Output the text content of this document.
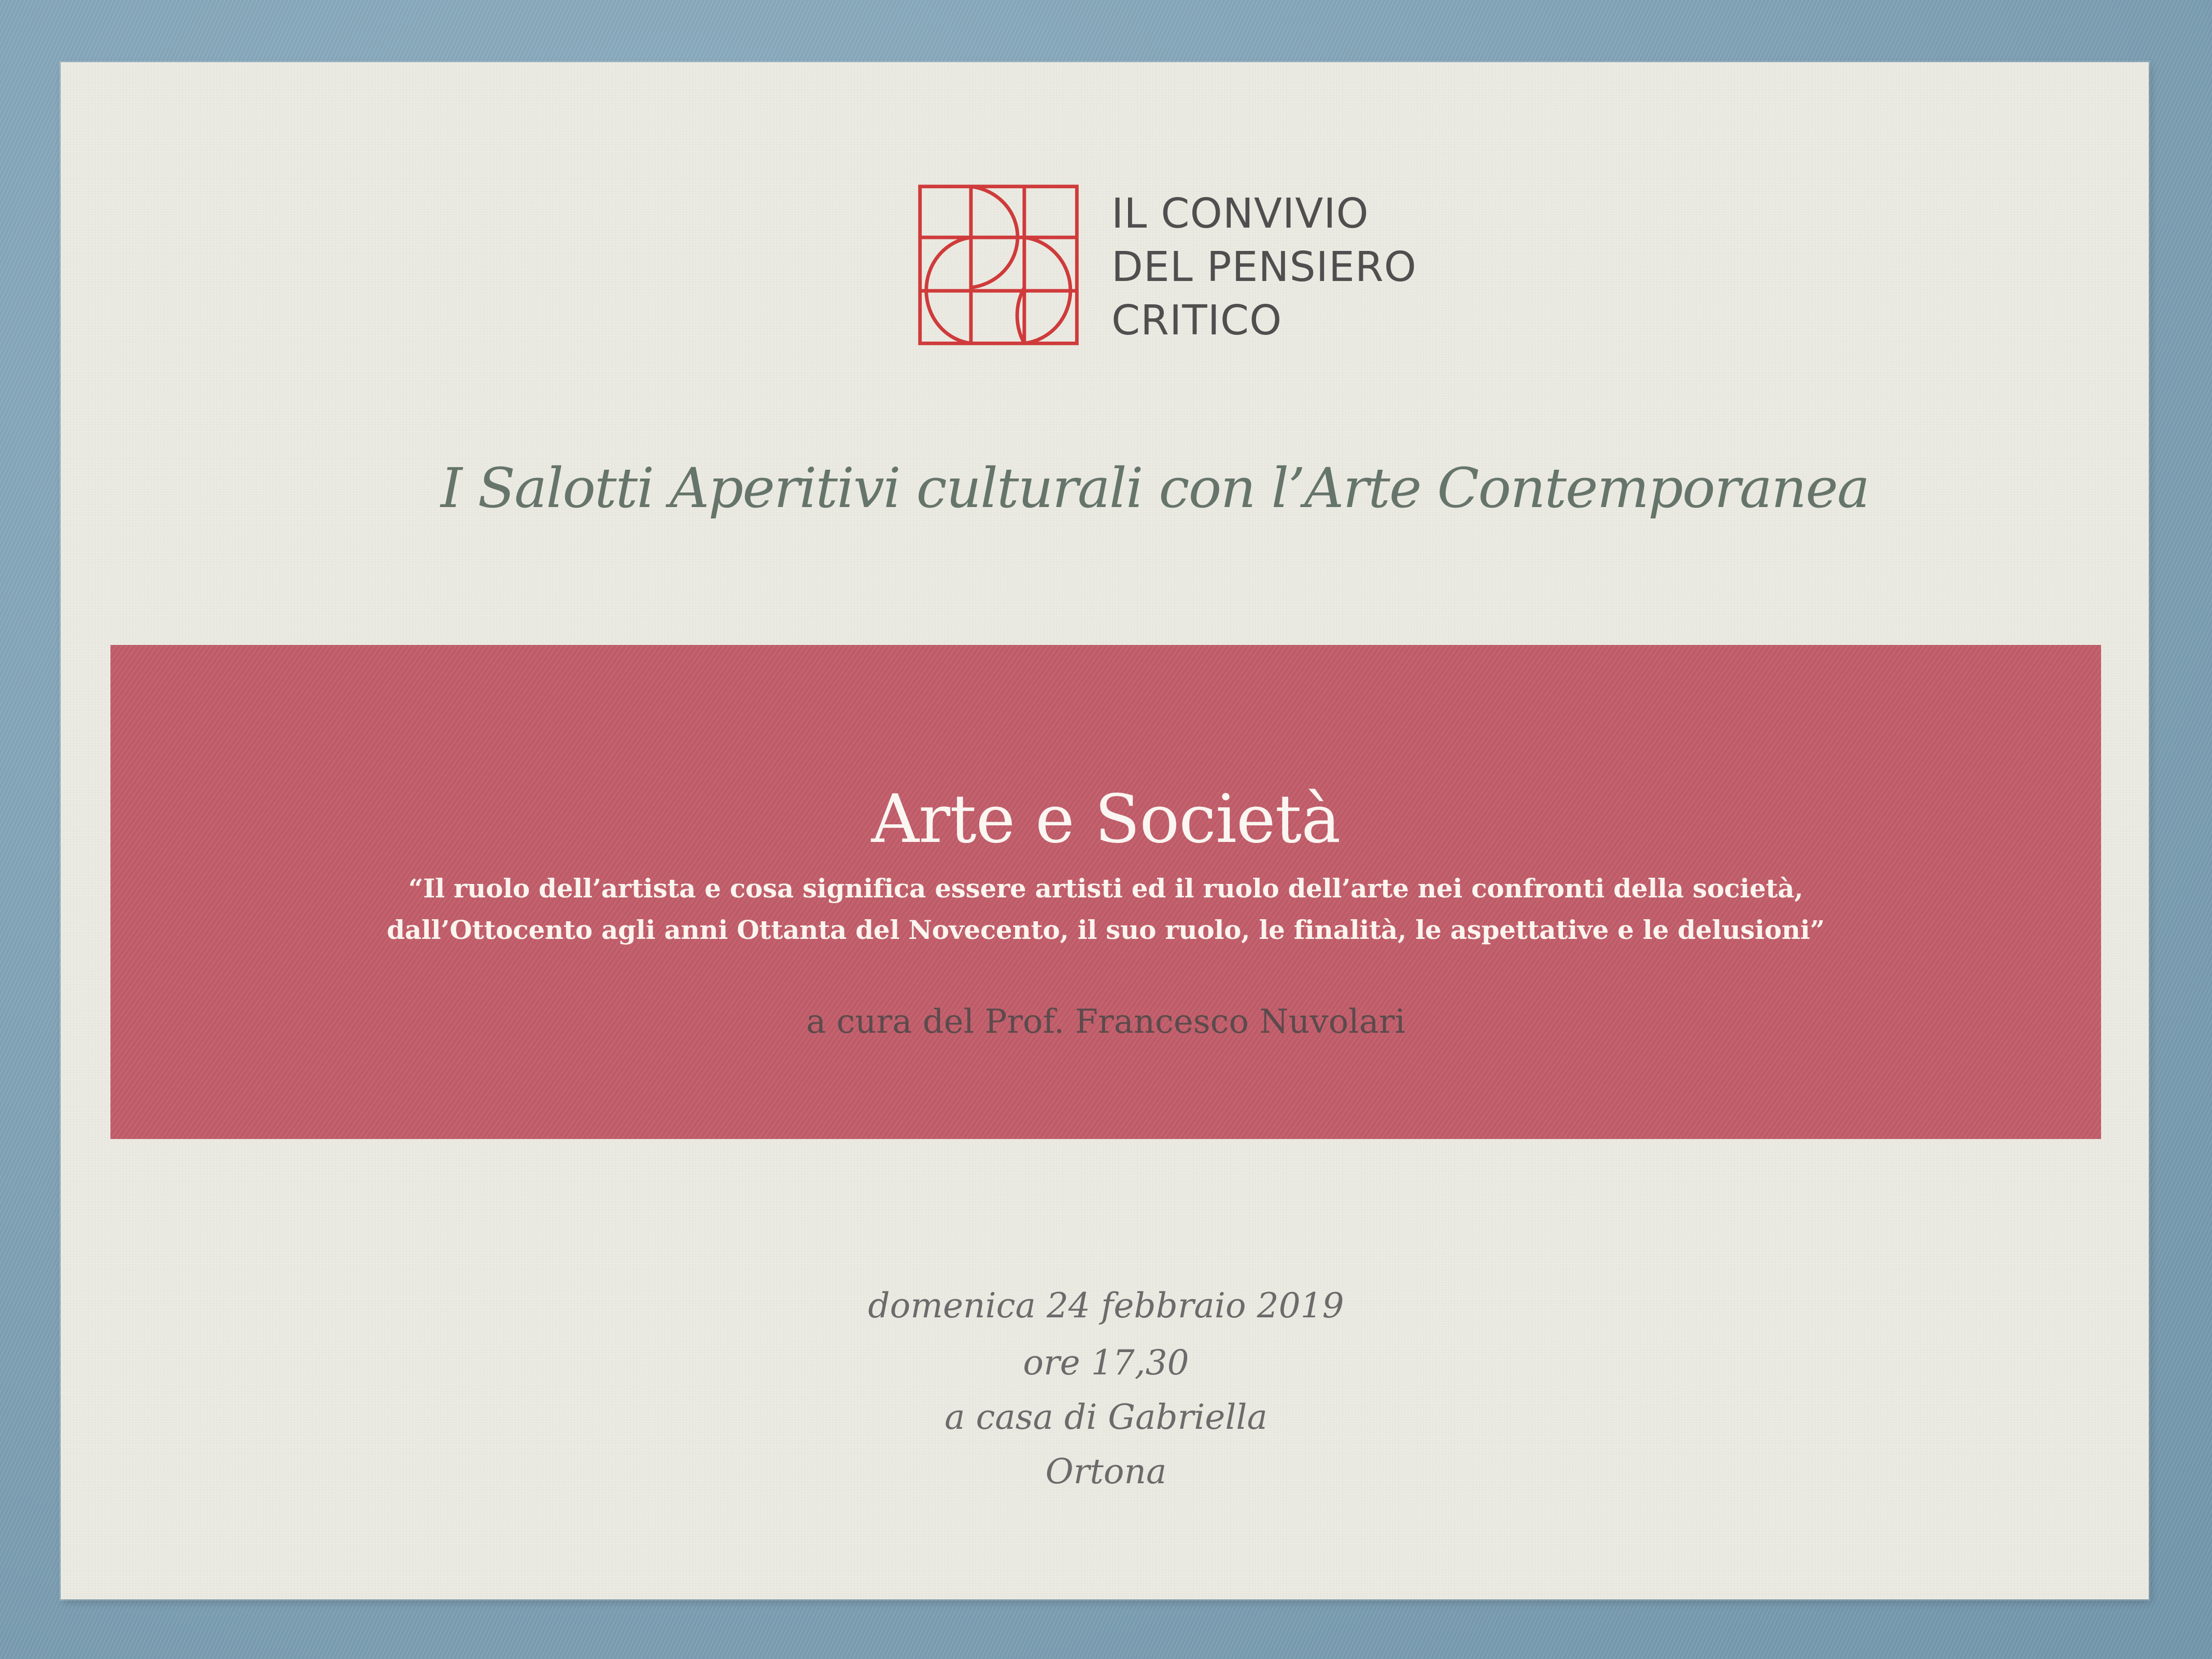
IL CONVIVIO
DEL PENSIERO
CRITICO
I Salotti Aperitivi culturali con l’Arte Contemporanea
Arte e Società
“Il ruolo dell’artista e cosa significa essere artisti ed il ruolo dell’arte nei confronti della società,
dall’Ottocento agli anni Ottanta del Novecento, il suo ruolo, le finalità, le aspettative e le delusioni”
a cura del Prof. Francesco Nuvolari
domenica 24 febbraio 2019
ore 17,30
a casa di Gabriella
Ortona
